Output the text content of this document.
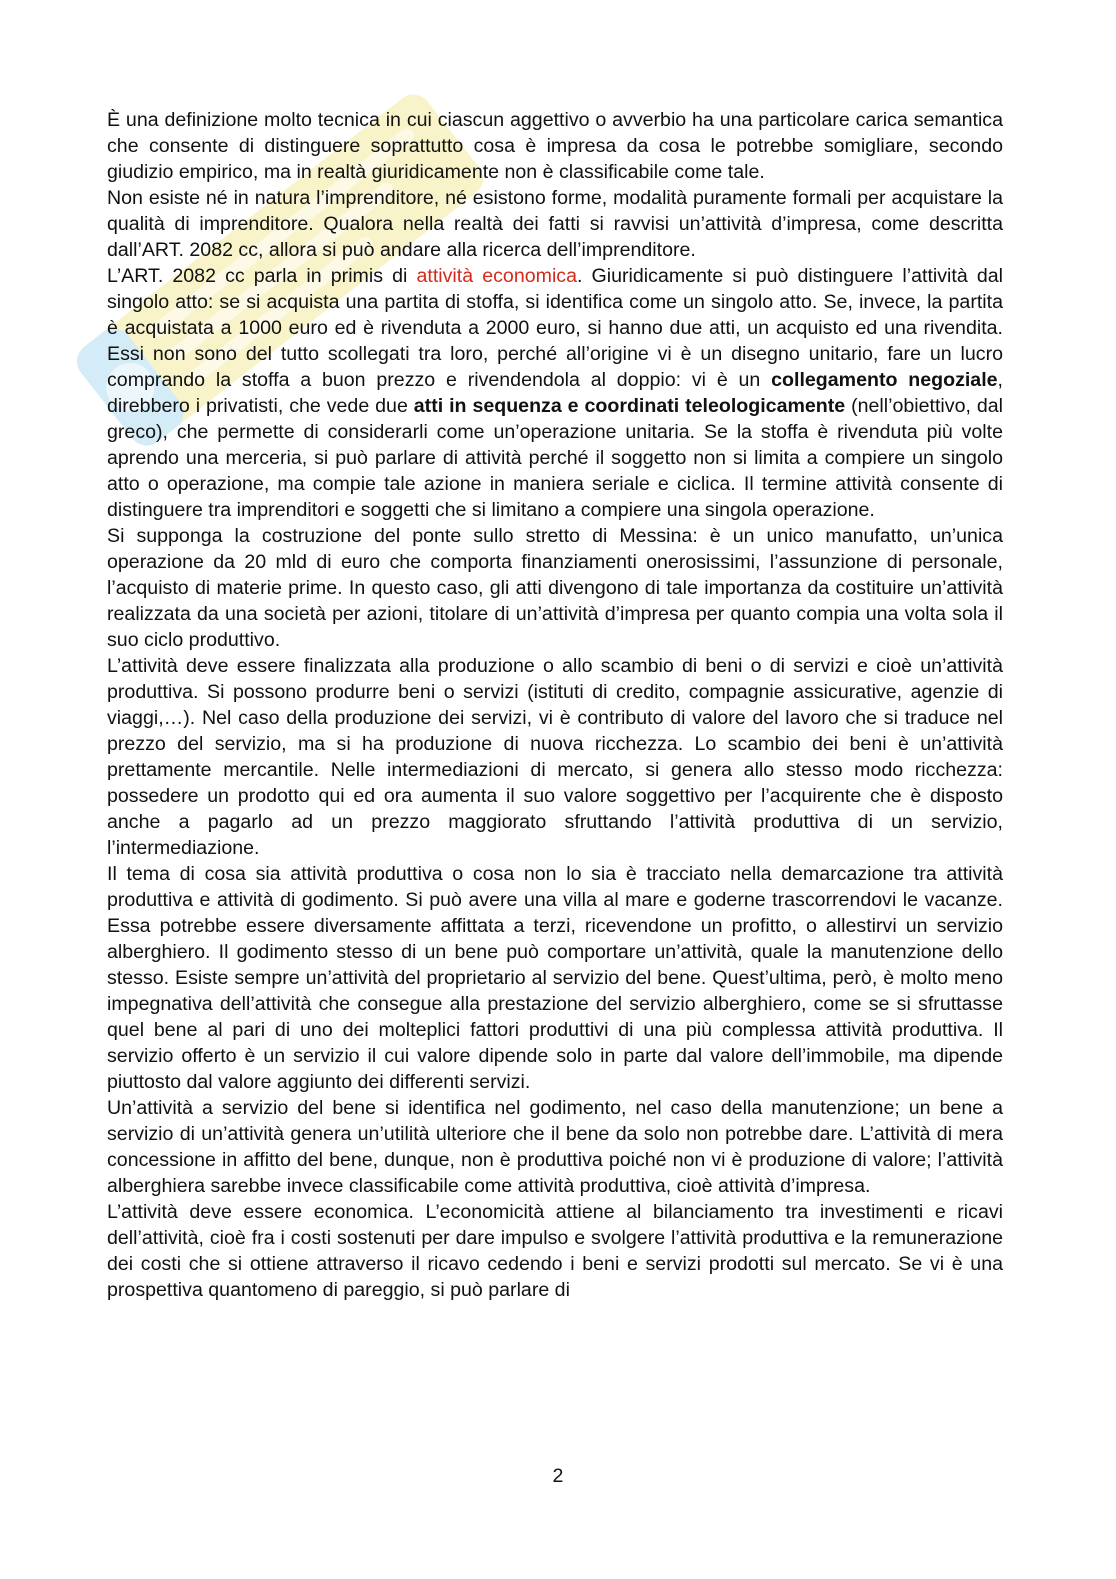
È una definizione molto tecnica in cui ciascun aggettivo o avverbio ha una particolare carica semantica che consente di distinguere soprattutto cosa è impresa da cosa le potrebbe somigliare, secondo giudizio empirico, ma in realtà giuridicamente non è classificabile come tale.

Non esiste né in natura l’imprenditore, né esistono forme, modalità puramente formali per acquistare la qualità di imprenditore. Qualora nella realtà dei fatti si ravvisi un’attività d’impresa, come descritta dall’ART. 2082 cc, allora si può andare alla ricerca dell’imprenditore.

L’ART. 2082 cc parla in primis di attività economica. Giuridicamente si può distinguere l’attività dal singolo atto: se si acquista una partita di stoffa, si identifica come un singolo atto. Se, invece, la partita è acquistata a 1000 euro ed è rivenduta a 2000 euro, si hanno due atti, un acquisto ed una rivendita. Essi non sono del tutto scollegati tra loro, perché all’origine vi è un disegno unitario, fare un lucro comprando la stoffa a buon prezzo e rivendendola al doppio: vi è un collegamento negoziale, direbbero i privatisti, che vede due atti in sequenza e coordinati teleologicamente (nell’obiettivo, dal greco), che permette di considerarli come un’operazione unitaria. Se la stoffa è rivenduta più volte aprendo una merceria, si può parlare di attività perché il soggetto non si limita a compiere un singolo atto o operazione, ma compie tale azione in maniera seriale e ciclica. Il termine attività consente di distinguere tra imprenditori e soggetti che si limitano a compiere una singola operazione.

Si supponga la costruzione del ponte sullo stretto di Messina: è un unico manufatto, un’unica operazione da 20 mld di euro che comporta finanziamenti onerosissimi, l’assunzione di personale, l’acquisto di materie prime. In questo caso, gli atti divengono di tale importanza da costituire un’attività realizzata da una società per azioni, titolare di un’attività d’impresa per quanto compia una volta sola il suo ciclo produttivo.

L’attività deve essere finalizzata alla produzione o allo scambio di beni o di servizi e cioè un’attività produttiva. Si possono produrre beni o servizi (istituti di credito, compagnie assicurative, agenzie di viaggi,…). Nel caso della produzione dei servizi, vi è contributo di valore del lavoro che si traduce nel prezzo del servizio, ma si ha produzione di nuova ricchezza. Lo scambio dei beni è un’attività prettamente mercantile. Nelle intermediazioni di mercato, si genera allo stesso modo ricchezza: possedere un prodotto qui ed ora aumenta il suo valore soggettivo per l’acquirente che è disposto anche a pagarlo ad un prezzo maggiorato sfruttando l’attività produttiva di un servizio, l’intermediazione.

Il tema di cosa sia attività produttiva o cosa non lo sia è tracciato nella demarcazione tra attività produttiva e attività di godimento. Si può avere una villa al mare e goderne trascorrendovi le vacanze. Essa potrebbe essere diversamente affittata a terzi, ricevendone un profitto, o allestirvi un servizio alberghiero. Il godimento stesso di un bene può comportare un’attività, quale la manutenzione dello stesso. Esiste sempre un’attività del proprietario al servizio del bene. Quest’ultima, però, è molto meno impegnativa dell’attività che consegue alla prestazione del servizio alberghiero, come se si sfruttasse quel bene al pari di uno dei molteplici fattori produttivi di una più complessa attività produttiva. Il servizio offerto è un servizio il cui valore dipende solo in parte dal valore dell’immobile, ma dipende piuttosto dal valore aggiunto dei differenti servizi.

Un’attività a servizio del bene si identifica nel godimento, nel caso della manutenzione; un bene a servizio di un’attività genera un’utilità ulteriore che il bene da solo non potrebbe dare. L’attività di mera concessione in affitto del bene, dunque, non è produttiva poiché non vi è produzione di valore; l’attività alberghiera sarebbe invece classificabile come attività produttiva, cioè attività d’impresa.

L’attività deve essere economica. L’economicità attiene al bilanciamento tra investimenti e ricavi dell’attività, cioè fra i costi sostenuti per dare impulso e svolgere l’attività produttiva e la remunerazione dei costi che si ottiene attraverso il ricavo cedendo i beni e servizi prodotti sul mercato. Se vi è una prospettiva quantomeno di pareggio, si può parlare di

2
